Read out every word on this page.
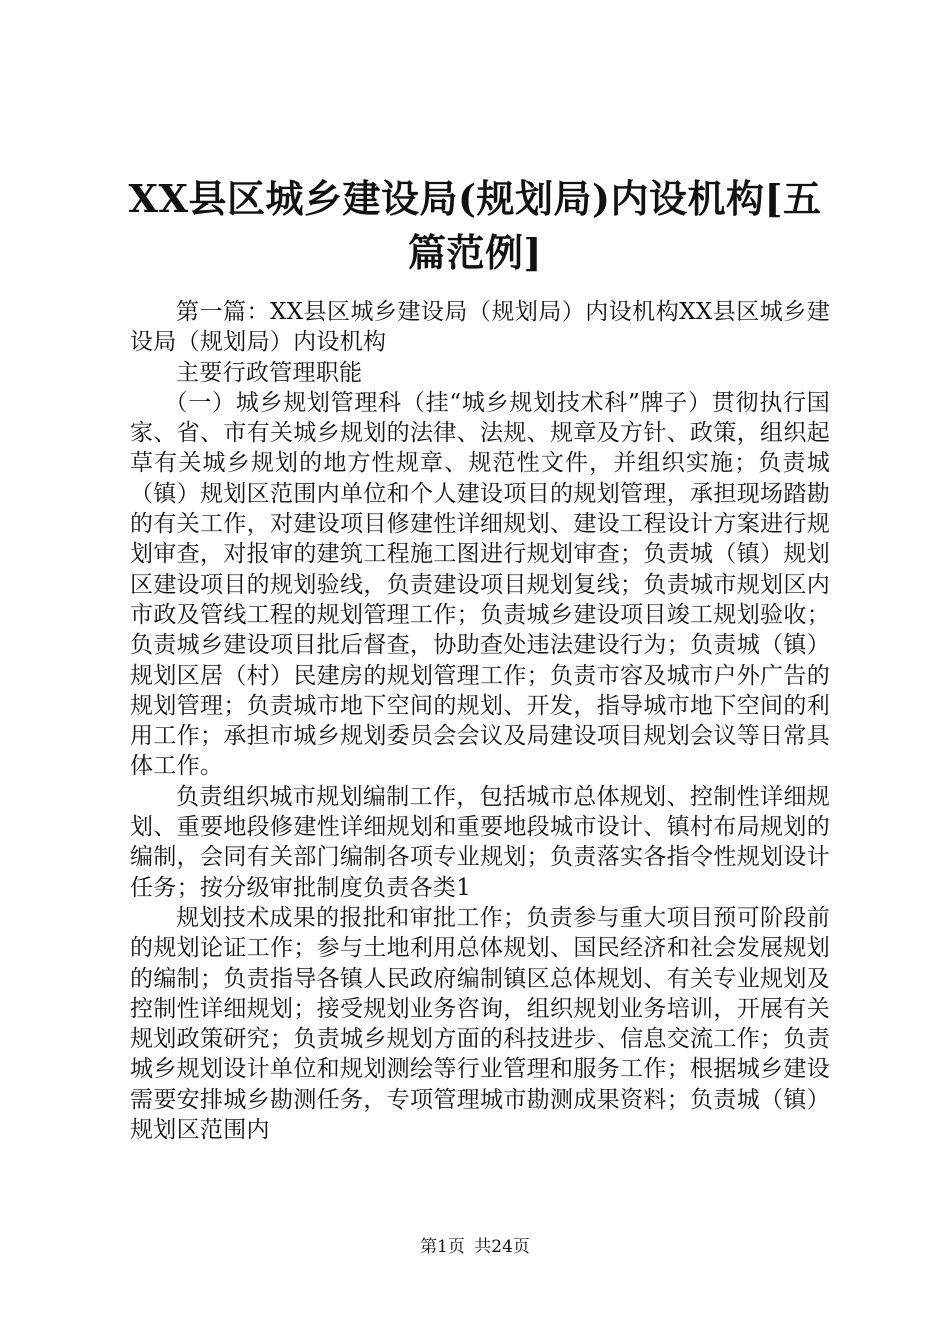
XX县区城乡建设局(规划局)内设机构[五篇范例]

第一篇：XX县区城乡建设局（规划局）内设机构XX县区城乡建设局（规划局）内设机构

主要行政管理职能

（一）城乡规划管理科（挂“城乡规划技术科”牌子）贯彻执行国家、省、市有关城乡规划的法律、法规、规章及方针、政策，组织起草有关城乡规划的地方性规章、规范性文件，并组织实施；负责城（镇）规划区范围内单位和个人建设项目的规划管理，承担现场踏勘的有关工作，对建设项目修建性详细规划、建设工程设计方案进行规划审查，对报审的建筑工程施工图进行规划审查；负责城（镇）规划区建设项目的规划验线，负责建设项目规划复线；负责城市规划区内市政及管线工程的规划管理工作；负责城乡建设项目竣工规划验收；负责城乡建设项目批后督查，协助查处违法建设行为；负责城（镇）规划区居（村）民建房的规划管理工作；负责市容及城市户外广告的规划管理；负责城市地下空间的规划、开发，指导城市地下空间的利用工作；承担市城乡规划委员会会议及局建设项目规划会议等日常具体工作。

负责组织城市规划编制工作，包括城市总体规划、控制性详细规划、重要地段修建性详细规划和重要地段城市设计、镇村布局规划的编制，会同有关部门编制各项专业规划；负责落实各指令性规划设计任务；按分级审批制度负责各类1

规划技术成果的报批和审批工作；负责参与重大项目预可阶段前的规划论证工作；参与土地利用总体规划、国民经济和社会发展规划的编制；负责指导各镇人民政府编制镇区总体规划、有关专业规划及控制性详细规划；接受规划业务咨询，组织规划业务培训，开展有关规划政策研究；负责城乡规划方面的科技进步、信息交流工作；负责城乡规划设计单位和规划测绘等行业管理和服务工作；根据城乡建设需要安排城乡勘测任务，专项管理城市勘测成果资料；负责城（镇）规划区范围内

第1页 共24页
